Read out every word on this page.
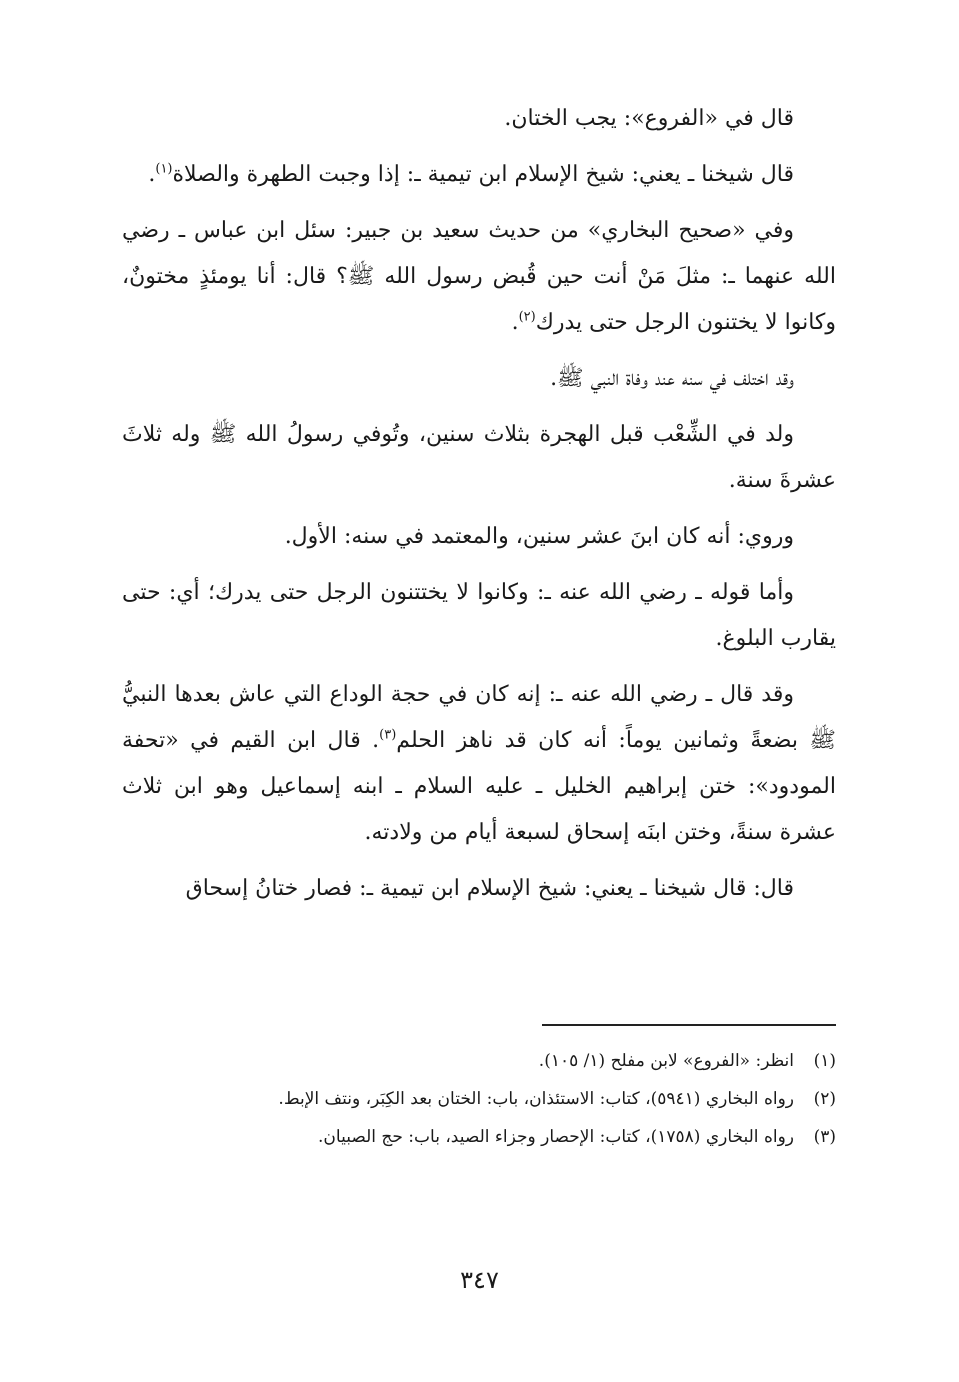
قال في «الفروع»: يجب الختان.

قال شيخنا ـ يعني: شيخ الإسلام ابن تيمية ـ: إذا وجبت الطهرة والصلاة$^{(١)}$.

وفي «صحيح البخاري» من حديث سعيد بن جبير: سئل ابن عباس ـ رضي الله عنهما ـ: مثلَ مَنْ أنت حين قُبض رسول الله ﷺ؟ قال: أنا يومئذٍ مختونٌ، وكانوا لا يختنون الرجل حتى يدرك$^{(٢)}$.

وقد اختلف في سنه عند وفاة النبي ﷺ.

ولد في الشِّعْب قبل الهجرة بثلاث سنين، وتُوفي رسولُ الله ﷺ وله ثلاثَ عشرةَ سنة.

وروي: أنه كان ابنَ عشر سنين، والمعتمد في سنه: الأول.

وأما قوله ـ رضي الله عنه ـ: وكانوا لا يختتنون الرجل حتى يدرك؛ أي: حتى يقارب البلوغ.

وقد قال ـ رضي الله عنه ـ: إنه كان في حجة الوداع التي عاش بعدها النبيُّ ﷺ بضعةً وثمانين يوماً: أنه كان قد ناهز الحلم$^{(٣)}$. قال ابن القيم في «تحفة المودود»: ختن إبراهيم الخليل ـ عليه السلام ـ ابنه إسماعيل وهو ابن ثلاث عشرة سنةً، وختن ابنَه إسحاق لسبعة أيام من ولادته.

قال: قال شيخنا ـ يعني: شيخ الإسلام ابن تيمية ـ: فصار ختانُ إسحاق

(١)
انظر: «الفروع» لابن مفلح (١/ ١٠٥).
(٢)
رواه البخاري (٥٩٤١)، كتاب: الاستئذان، باب: الختان بعد الكِبَر، ونتف الإبط.
(٣)
رواه البخاري (١٧٥٨)، كتاب: الإحصار وجزاء الصيد، باب: حج الصبيان.
٣٤٧
